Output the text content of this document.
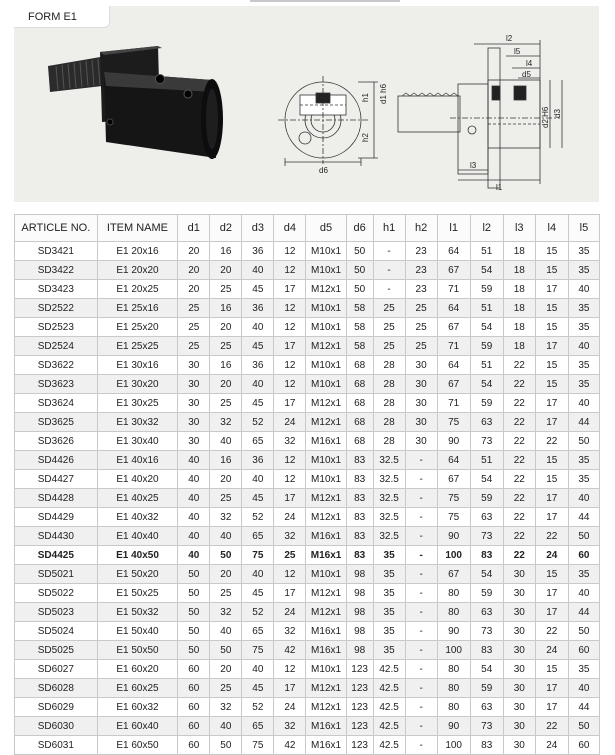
FORM E1
d6
h1
h2
d1 h6
l2
l5
l4
d5
l3
l1
d2 H6 d3
ARTICLE NO.	ITEM NAME	d1	d2	d3	d4	d5	d6	h1	h2	l1	l2	l3	l4	l5
SD3421	E1 20x16	20	16	36	12	M10x1	50	-	23	64	51	18	15	35
SD3422	E1 20x20	20	20	40	12	M10x1	50	-	23	67	54	18	15	35
SD3423	E1 20x25	20	25	45	17	M12x1	50	-	23	71	59	18	17	40
SD2522	E1 25x16	25	16	36	12	M10x1	58	25	25	64	51	18	15	35
SD2523	E1 25x20	25	20	40	12	M10x1	58	25	25	67	54	18	15	35
SD2524	E1 25x25	25	25	45	17	M12x1	58	25	25	71	59	18	17	40
SD3622	E1 30x16	30	16	36	12	M10x1	68	28	30	64	51	22	15	35
SD3623	E1 30x20	30	20	40	12	M10x1	68	28	30	67	54	22	15	35
SD3624	E1 30x25	30	25	45	17	M12x1	68	28	30	71	59	22	17	40
SD3625	E1 30x32	30	32	52	24	M12x1	68	28	30	75	63	22	17	44
SD3626	E1 30x40	30	40	65	32	M16x1	68	28	30	90	73	22	22	50
SD4426	E1 40x16	40	16	36	12	M10x1	83	32.5	-	64	51	22	15	35
SD4427	E1 40x20	40	20	40	12	M10x1	83	32.5	-	67	54	22	15	35
SD4428	E1 40x25	40	25	45	17	M12x1	83	32.5	-	75	59	22	17	40
SD4429	E1 40x32	40	32	52	24	M12x1	83	32.5	-	75	63	22	17	44
SD4430	E1 40x40	40	40	65	32	M16x1	83	32.5	-	90	73	22	22	50
SD4425	E1 40x50	40	50	75	25	M16x1	83	35	-	100	83	22	24	60
SD5021	E1 50x20	50	20	40	12	M10x1	98	35	-	67	54	30	15	35
SD5022	E1 50x25	50	25	45	17	M12x1	98	35	-	80	59	30	17	40
SD5023	E1 50x32	50	32	52	24	M12x1	98	35	-	80	63	30	17	44
SD5024	E1 50x40	50	40	65	32	M16x1	98	35	-	90	73	30	22	50
SD5025	E1 50x50	50	50	75	42	M16x1	98	35	-	100	83	30	24	60
SD6027	E1 60x20	60	20	40	12	M10x1	123	42.5	-	80	54	30	15	35
SD6028	E1 60x25	60	25	45	17	M12x1	123	42.5	-	80	59	30	17	40
SD6029	E1 60x32	60	32	52	24	M12x1	123	42.5	-	80	63	30	17	44
SD6030	E1 60x40	60	40	65	32	M16x1	123	42.5	-	90	73	30	22	50
SD6031	E1 60x50	60	50	75	42	M16x1	123	42.5	-	100	83	30	24	60
